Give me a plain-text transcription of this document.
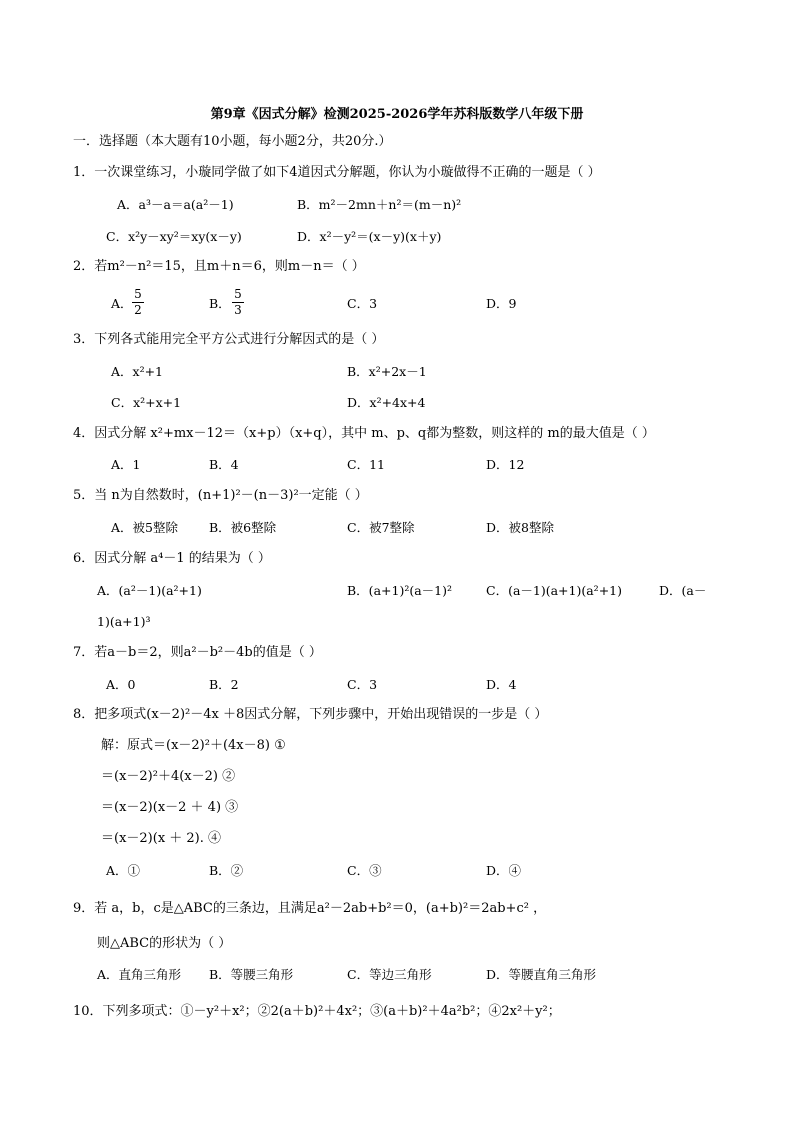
第9章《因式分解》检测2025-2026学年苏科版数学八年级下册
一．选择题（本大题有10小题，每小题2分，共20分.）
1．一次课堂练习，小璇同学做了如下4道因式分解题，你认为小璇做得不正确的一题是（ ）
A．a³－a＝a(a²－1)	B．m²－2mn＋n²＝(m－n)²
C．x²y－xy²＝xy(x－y)	D．x²－y²＝(x－y)(x＋y)
2．若m²－n²＝15，且m＋n＝6，则m－n＝（ ）
A．
5
2	B．
5
3	C．3	D．9
3．下列各式能用完全平方公式进行分解因式的是（ ）
A．x²+1	B．x²+2x－1
C．x²+x+1	D．x²+4x+4
4．因式分解 x²+mx－12＝（x+p）（x+q），其中 m、p、q都为整数，则这样的 m的最大值是（ ）
A．1	B．4	C．11	D．12
5．当 n为自然数时，(n+1)²－(n－3)²一定能（ ）
A．被5整除 B．被6整除	C．被7整除	D．被8整除
6．因式分解 a⁴－1 的结果为（ ）
A．(a²－1)(a²+1)	B．(a+1)²(a－1)²	C．(a－1)(a+1)(a²+1)	D．(a－
1)(a+1)³
7．若a－b＝2，则a²－b²－4b的值是（ ）
A．0	B．2	C．3	D．4
8．把多项式(x－2)²－4x ＋8因式分解，下列步骤中，开始出现错误的一步是（ ）
解：原式＝(x－2)²＋(4x－8) ①
＝(x－2)²＋4(x－2) ②
＝(x－2)(x－2 ＋ 4) ③
＝(x－2)(x ＋ 2). ④
A．①	B．②	C．③	D．④
9．若 a，b，c是△ABC的三条边，且满足a²－2ab+b²＝0，(a+b)²＝2ab+c² ，
则△ABC的形状为（ ）
A．直角三角形 B．等腰三角形	C．等边三角形	D．等腰直角三角形
10．下列多项式：①－y²＋x²；②2(a＋b)²＋4x²；③(a＋b)²＋4a²b²；④2x²＋y²；
